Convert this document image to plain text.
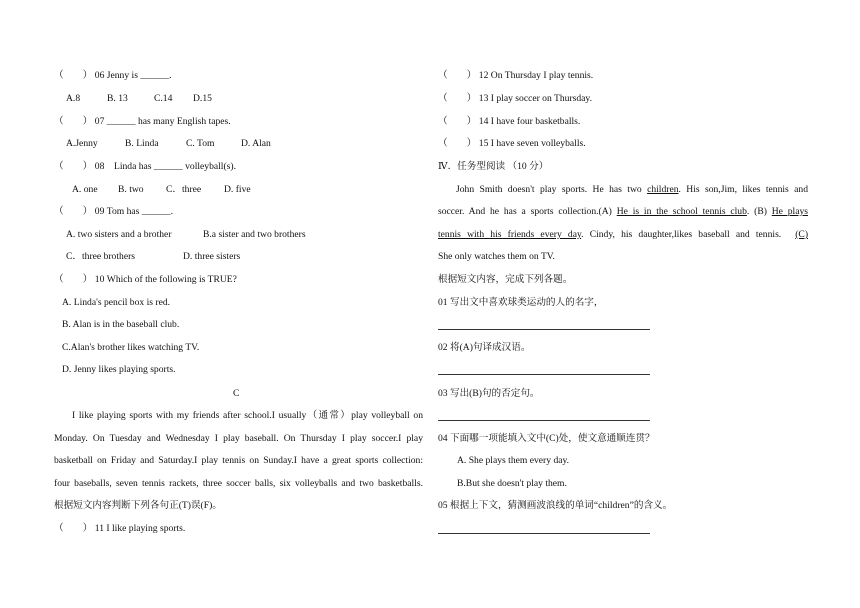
（　　） 06 Jenny is ______.
A.8	B. 13	C.14 D.15
（　　） 07 ______ has many English tapes.
A.Jenny	B. Linda	C. Tom	D. Alan
（　　） 08　Linda has ______ volleyball(s).
A. one B. two C．three D. five
（　　） 09 Tom has ______.
A. two sisters and a brother	B.a sister and two brothers
C．three brothers	D. three sisters
（　　） 10 Which of the following is TRUE?
A. Linda's pencil box is red.
B. Alan is in the baseball club.
C.Alan's brother likes watching TV.
D. Jenny likes playing sports.
C
I like playing sports with my friends after school.I usually（通常）play volleyball on
Monday. On Tuesday and Wednesday I play baseball. On Thursday I play soccer.I play
basketball on Friday and Saturday.I play tennis on Sunday.I have a great sports collection:
four baseballs, seven tennis rackets, three soccer balls, six volleyballs and two basketballs.
根据短文内容判断下列各句正(T)误(F)。
（　　） 11 I like playing sports.
（　　） 12 On Thursday I play tennis.
（　　） 13 I play soccer on Thursday.
（　　） 14 I have four basketballs.
（　　） 15 I have seven volleyballs.
Ⅳ．任务型阅读 （10 分）
John Smith doesn't play sports. He has two children. His son,Jim, likes tennis and
soccer. And he has a sports collection.(A) He is in the school tennis club. (B) He plays
tennis with his friends every day. Cindy, his daughter,likes baseball and tennis. (C)
She only watches them on TV.
根据短文内容，完成下列各题。
01 写出文中喜欢球类运动的人的名字，
02 将(A)句译成汉语。
03 写出(B)句的否定句。
04 下面哪一项能填入文中(C)处，使文意通顺连贯？
A. She plays them every day.
B.But she doesn't play them.
05 根据上下文，猜测画波浪线的单词“children”的含义。
